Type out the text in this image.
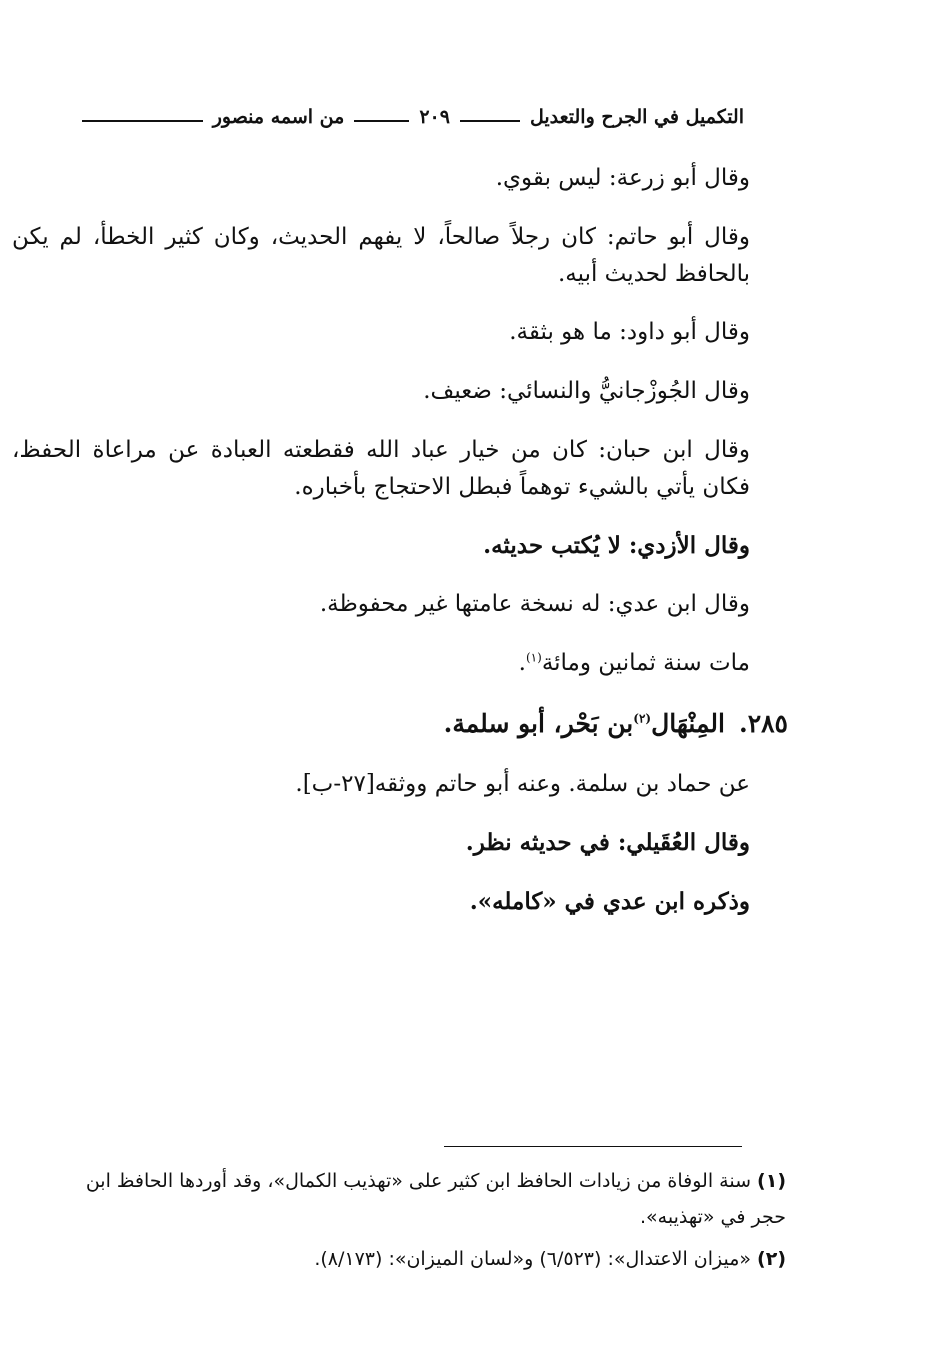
التكميل في الجرح والتعديل
٢٠٩
من اسمه منصور

وقال أبو زرعة: ليس بقوي.

وقال أبو حاتم: كان رجلاً صالحاً، لا يفهم الحديث، وكان كثير الخطأ، لم يكن بالحافظ لحديث أبيه.

وقال أبو داود: ما هو بثقة.

وقال الجُوزْجانيُّ والنسائي: ضعيف.

وقال ابن حبان: كان من خيار عباد الله فقطعته العبادة عن مراعاة الحفظ، فكان يأتي بالشيء توهماً فبطل الاحتجاج بأخباره.

وقال الأزدي: لا يُكتب حديثه.

وقال ابن عدي: له نسخة عامتها غير محفوظة.

مات سنة ثمانين ومائة$^{(١)}$.

٢٨٥.المِنْهَال$^{(٢)}$بن بَحْر، أبو سلمة.

عن حماد بن سلمة. وعنه أبو حاتم ووثقه[٢٧-ب].

وقال العُقَيلي: في حديثه نظر.

وذكره ابن عدي في «كامله».

(١)سنة الوفاة من زيادات الحافظ ابن كثير على «تهذيب الكمال»، وقد أوردها الحافظ ابن حجر في «تهذيبه».

(٢)«ميزان الاعتدال»: (٦/٥٢٣) و«لسان الميزان»: (٨/١٧٣).
